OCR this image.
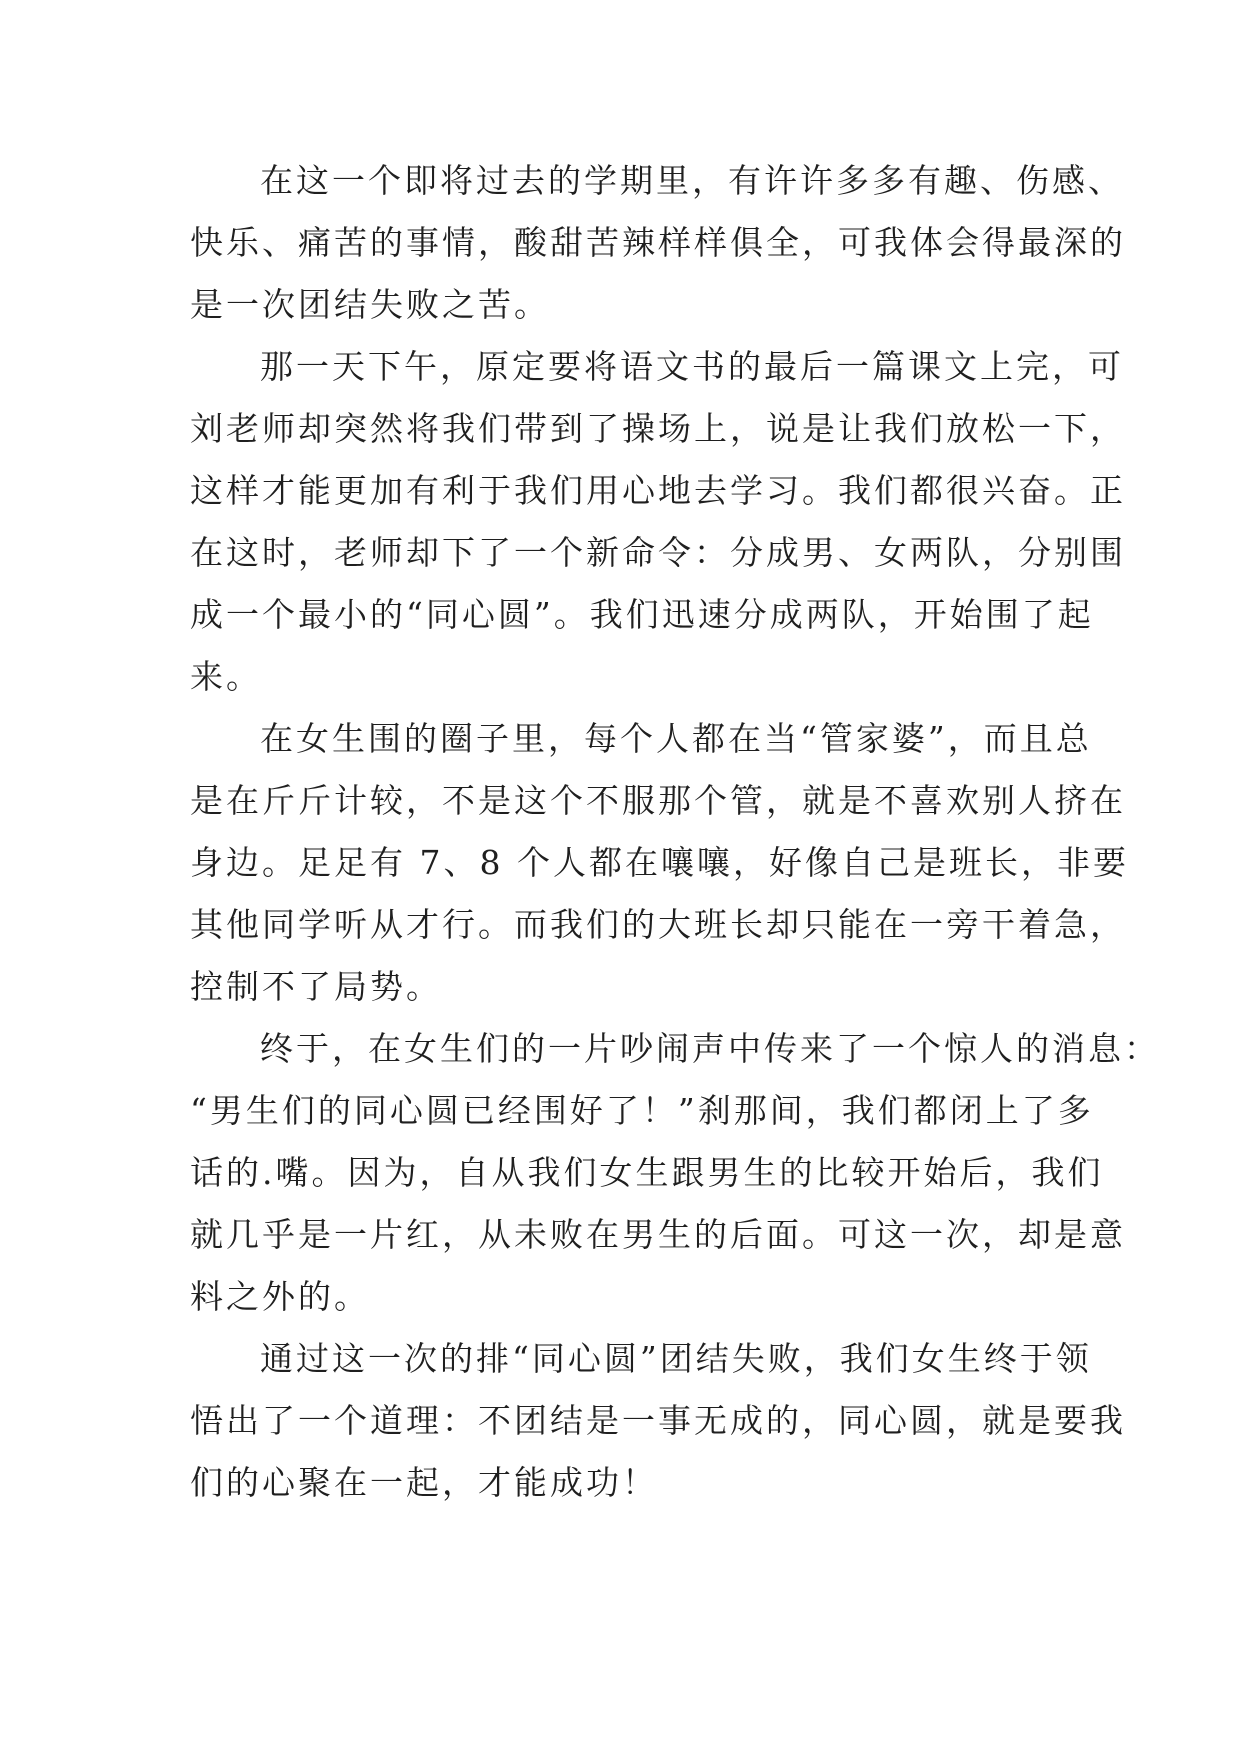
在这一个即将过去的学期里，有许许多多有趣、伤感、
快乐、痛苦的事情，酸甜苦辣样样俱全，可我体会得最深的
是一次团结失败之苦。
那一天下午，原定要将语文书的最后一篇课文上完，可
刘老师却突然将我们带到了操场上，说是让我们放松一下，
这样才能更加有利于我们用心地去学习。我们都很兴奋。正
在这时，老师却下了一个新命令：分成男、女两队，分别围
成一个最小的“同心圆”。我们迅速分成两队，开始围了起
来。
在女生围的圈子里，每个人都在当“管家婆”，而且总
是在斤斤计较，不是这个不服那个管，就是不喜欢别人挤在
身边。足足有 7、8 个人都在嚷嚷，好像自己是班长，非要
其他同学听从才行。而我们的大班长却只能在一旁干着急，
控制不了局势。
终于，在女生们的一片吵闹声中传来了一个惊人的消息：
“男生们的同心圆已经围好了！”刹那间，我们都闭上了多
话的.嘴。因为，自从我们女生跟男生的比较开始后，我们
就几乎是一片红，从未败在男生的后面。可这一次，却是意
料之外的。
通过这一次的排“同心圆”团结失败，我们女生终于领
悟出了一个道理：不团结是一事无成的，同心圆，就是要我
们的心聚在一起，才能成功！
